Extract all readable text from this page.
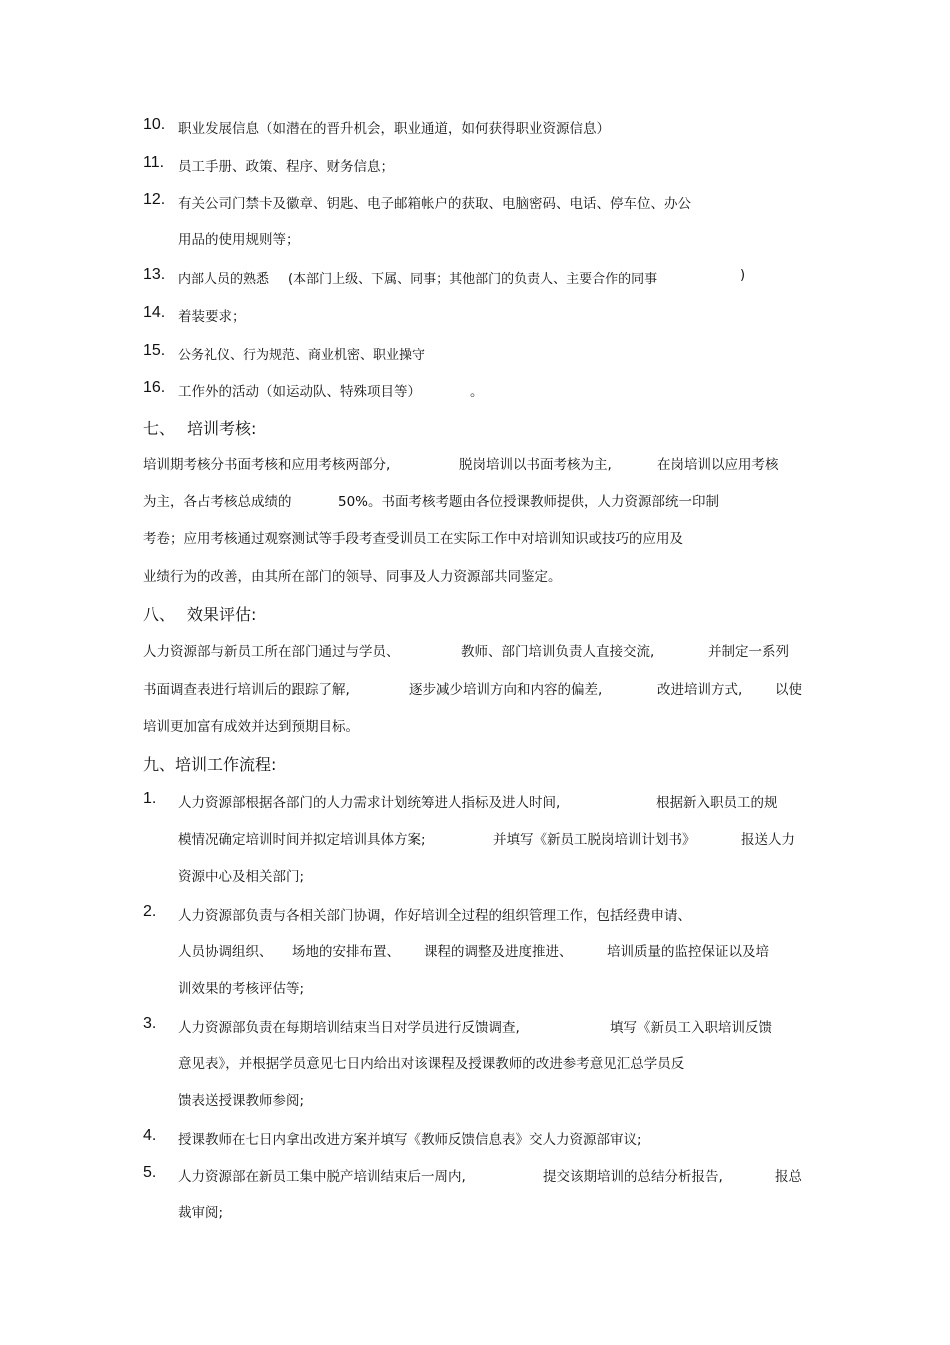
10. 职业发展信息（如潜在的晋升机会，职业通道，如何获得职业资源信息）
11. 员工手册、政策、程序、财务信息；
12. 有关公司门禁卡及徽章、钥匙、电子邮箱帐户的获取、电脑密码、电话、停车位、办公
用品的使用规则等；
13. 内部人员的熟悉 (本部门上级、下属、同事；其他部门的负责人、主要合作的同事	)
14. 着装要求；
15. 公务礼仪、行为规范、商业机密、职业操守
16. 工作外的活动（如运动队、特殊项目等）	。
七、 培训考核:
培训期考核分书面考核和应用考核两部分,	脱岗培训以书面考核为主,	在岗培训以应用考核
为主，各占考核总成绩的	50%。书面考核考题由各位授课教师提供，人力资源部统一印制
考卷；应用考核通过观察测试等手段考查受训员工在实际工作中对培训知识或技巧的应用及
业绩行为的改善，由其所在部门的领导、同事及人力资源部共同鉴定。
八、 效果评估:
人力资源部与新员工所在部门通过与学员、	教师、部门培训负责人直接交流,	并制定一系列
书面调查表进行培训后的跟踪了解,	逐步减少培训方向和内容的偏差,	改进培训方式, 以使
培训更加富有成效并达到预期目标。
九、培训工作流程:
1. 人力资源部根据各部门的人力需求计划统筹进人指标及进人时间,	根据新入职员工的规
模情况确定培训时间并拟定培训具体方案;	并填写《新员工脱岗培训计划书》	报送人力
资源中心及相关部门;
2. 人力资源部负责与各相关部门协调，作好培训全过程的组织管理工作，包括经费申请、
人员协调组织、 场地的安排布置、 课程的调整及进度推进、	培训质量的监控保证以及培
训效果的考核评估等;
3. 人力资源部负责在每期培训结束当日对学员进行反馈调查,	填写《新员工入职培训反馈
意见表》，并根据学员意见七日内给出对该课程及授课教师的改进参考意见汇总学员反
馈表送授课教师参阅;
4. 授课教师在七日内拿出改进方案并填写《教师反馈信息表》交人力资源部审议;
5. 人力资源部在新员工集中脱产培训结束后一周内,	提交该期培训的总结分析报告,	报总
裁审阅;
